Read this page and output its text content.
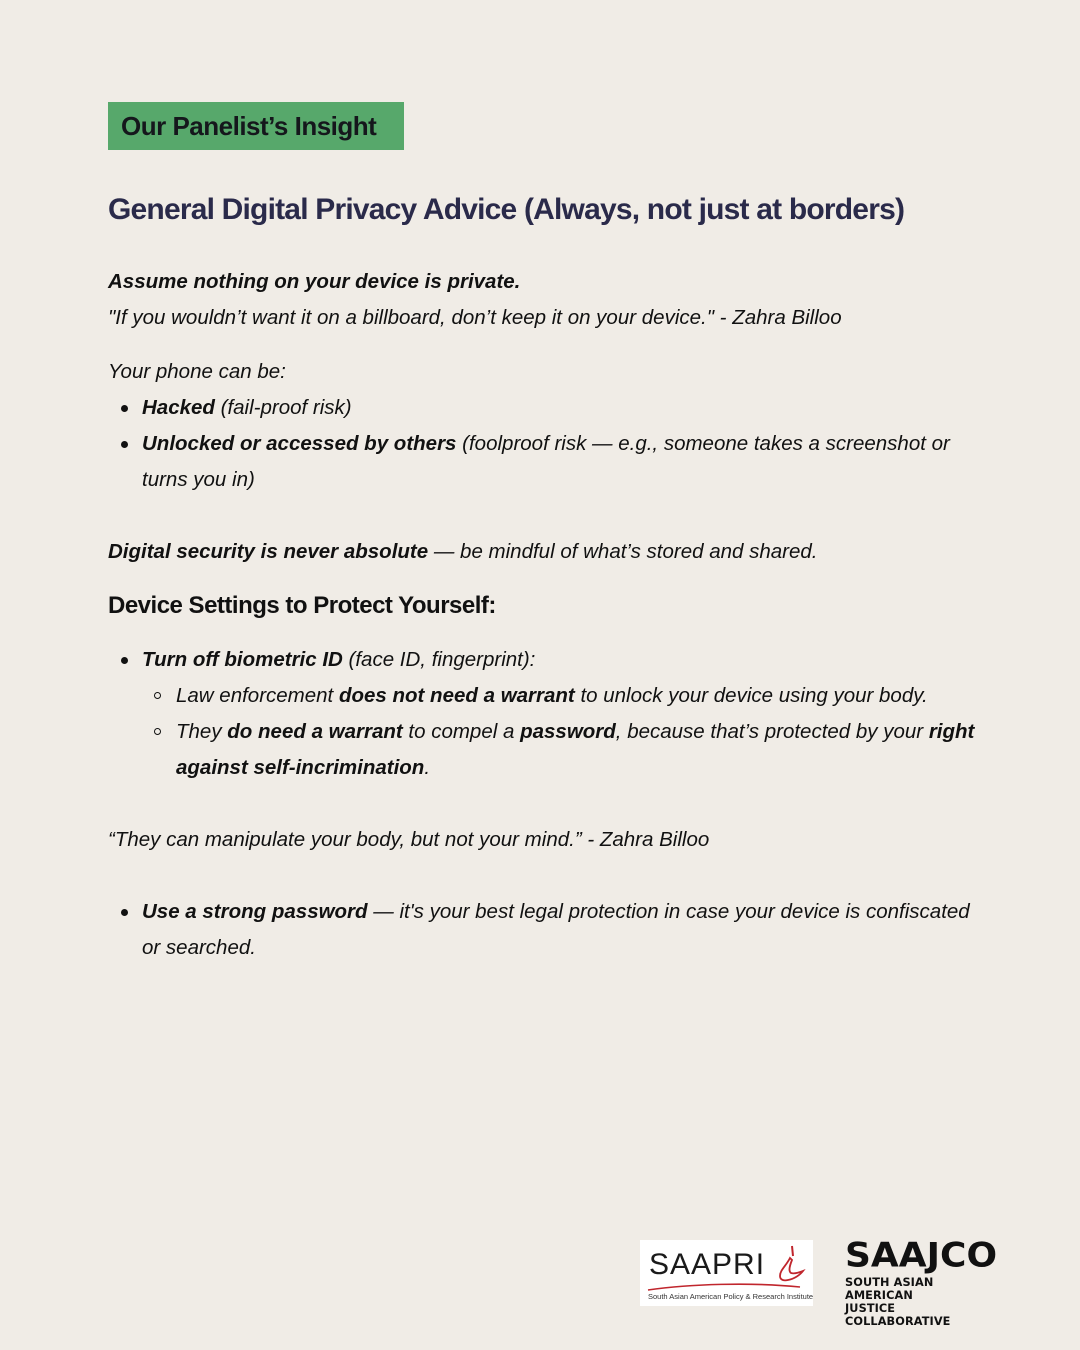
Our Panelist’s Insight
General Digital Privacy Advice (Always, not just at borders)

Assume nothing on your device is private.

"If you wouldn’t want it on a billboard, don’t keep it on your device." - Zahra Billoo

Your phone can be:

Hacked (fail-proof risk)
Unlocked or accessed by others (foolproof risk — e.g., someone takes a screenshot or turns you in)

Digital security is never absolute — be mindful of what’s stored and shared.

Device Settings to Protect Yourself:

Turn off biometric ID (face ID, fingerprint):
Law enforcement does not need a warrant to unlock your device using your body.
They do need a warrant to compel a password, because that’s protected by your right against self-incrimination.

“They can manipulate your body, but not your mind.” - Zahra Billoo

Use a strong password — it's your best legal protection in case your device is confiscated or searched.
SAAPRI
South Asian American Policy & Research Institute
SAAJCO
SOUTH ASIAN AMERICAN
JUSTICE COLLABORATIVE
